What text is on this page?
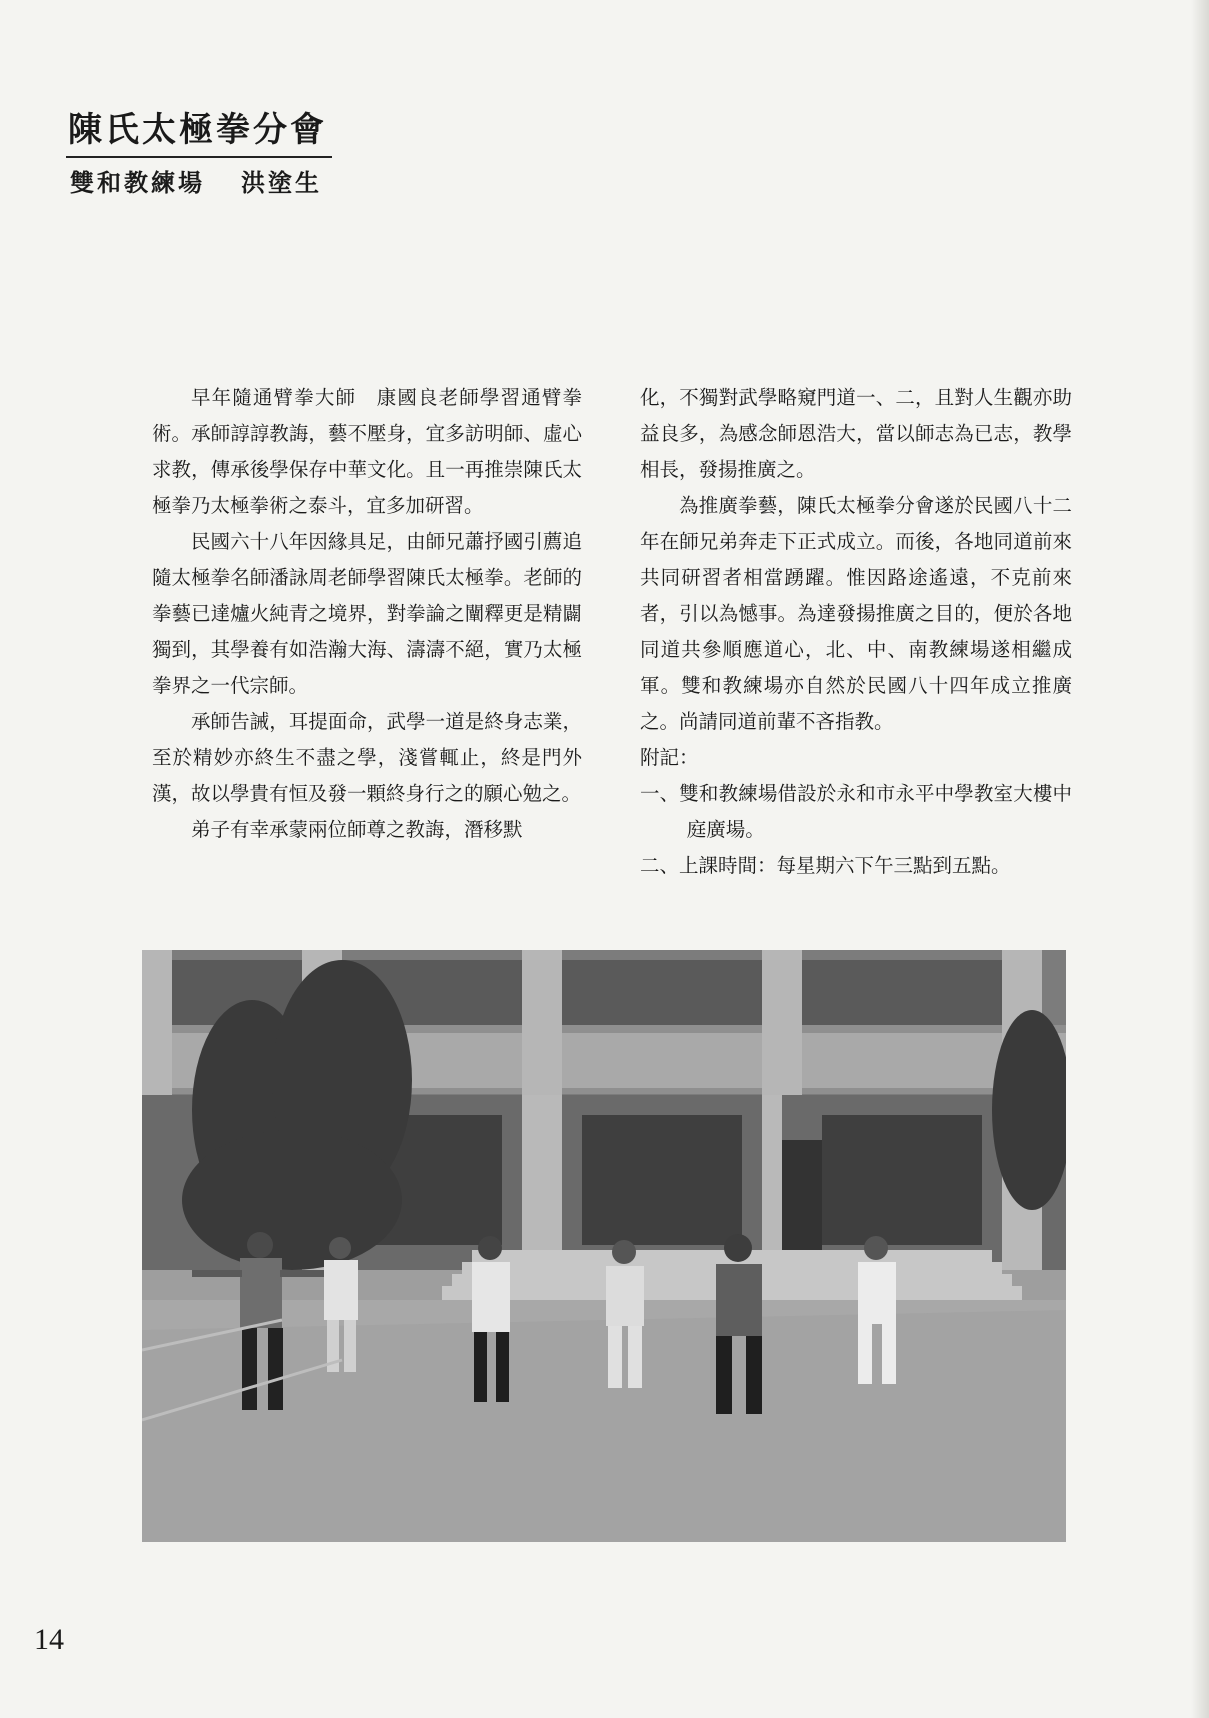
陳氏太極拳分會
雙和教練場 洪塗生

早年隨通臂拳大師　康國良老師學習通臂拳術。承師諄諄教誨，藝不壓身，宜多訪明師、虛心求教，傳承後學保存中華文化。且一再推崇陳氏太極拳乃太極拳術之泰斗，宜多加研習。

民國六十八年因緣具足，由師兄蕭抒國引薦追隨太極拳名師潘詠周老師學習陳氏太極拳。老師的拳藝已達爐火純青之境界，對拳論之闡釋更是精闢獨到，其學養有如浩瀚大海、濤濤不絕，實乃太極拳界之一代宗師。

承師告誡，耳提面命，武學一道是終身志業，至於精妙亦終生不盡之學，淺嘗輒止，終是門外漢，故以學貴有恒及發一顆終身行之的願心勉之。

弟子有幸承蒙兩位師尊之教誨，潛移默

化，不獨對武學略窺門道一、二，且對人生觀亦助益良多，為感念師恩浩大，當以師志為已志，教學相長，發揚推廣之。

為推廣拳藝，陳氏太極拳分會遂於民國八十二年在師兄弟奔走下正式成立。而後，各地同道前來共同研習者相當踴躍。惟因路途遙遠，不克前來者，引以為憾事。為達發揚推廣之目的，便於各地同道共參順應道心，北、中、南教練場遂相繼成軍。雙和教練場亦自然於民國八十四年成立推廣之。尚請同道前輩不吝指教。

附記：

一、雙和教練場借設於永和市永平中學教室大樓中庭廣場。

二、上課時間：每星期六下午三點到五點。

14
